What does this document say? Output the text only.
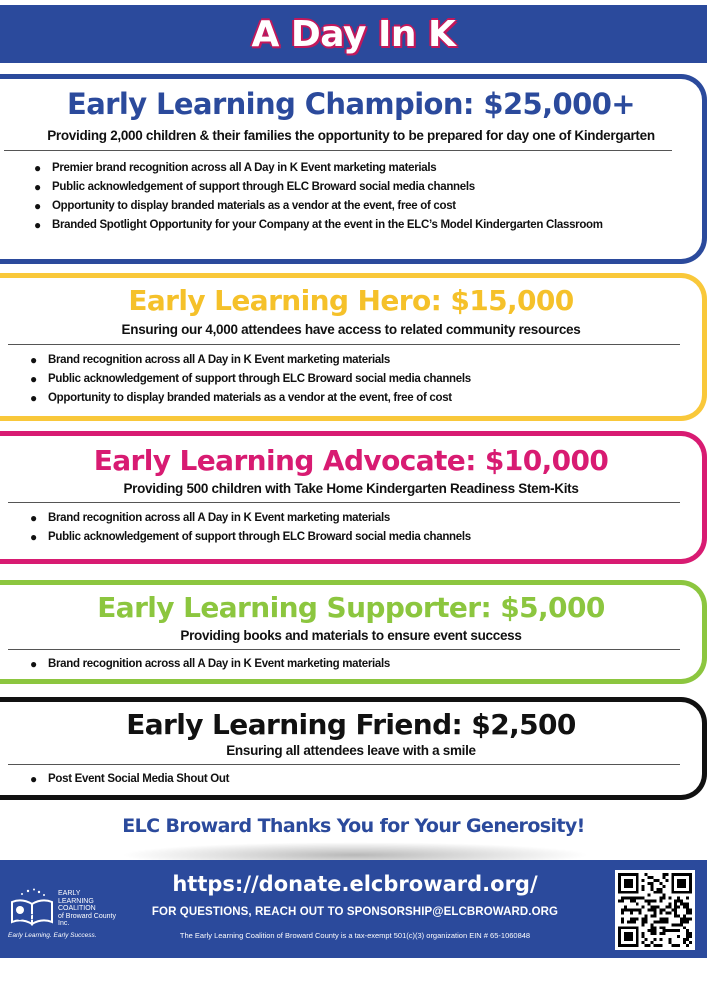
A Day In K
Early Learning Champion: $25,000+
Providing 2,000 children & their families the opportunity to be prepared for day one of Kindergarten
● Premier brand recognition across all A Day in K Event marketing materials
● Public acknowledgement of support through ELC Broward social media channels
● Opportunity to display branded materials as a vendor at the event, free of cost
● Branded Spotlight Opportunity for your Company at the event in the ELC’s Model Kindergarten Classroom
Early Learning Hero: $15,000
Ensuring our 4,000 attendees have access to related community resources
● Brand recognition across all A Day in K Event marketing materials
● Public acknowledgement of support through ELC Broward social media channels
● Opportunity to display branded materials as a vendor at the event, free of cost
Early Learning Advocate: $10,000
Providing 500 children with Take Home Kindergarten Readiness Stem-Kits
● Brand recognition across all A Day in K Event marketing materials
● Public acknowledgement of support through ELC Broward social media channels
Early Learning Supporter: $5,000
Providing books and materials to ensure event success
● Brand recognition across all A Day in K Event marketing materials
Early Learning Friend: $2,500
Ensuring all attendees leave with a smile
● Post Event Social Media Shout Out
ELC Broward Thanks You for Your Generosity!
elc
EARLY
LEARNING
COALITION
of Broward County Inc.
Early Learning. Early Success.
https://donate.elcbroward.org/
FOR QUESTIONS, REACH OUT TO SPONSORSHIP@ELCBROWARD.ORG
The Early Learning Coalition of Broward County is a tax-exempt 501(c)(3) organization EIN # 65-1060848
